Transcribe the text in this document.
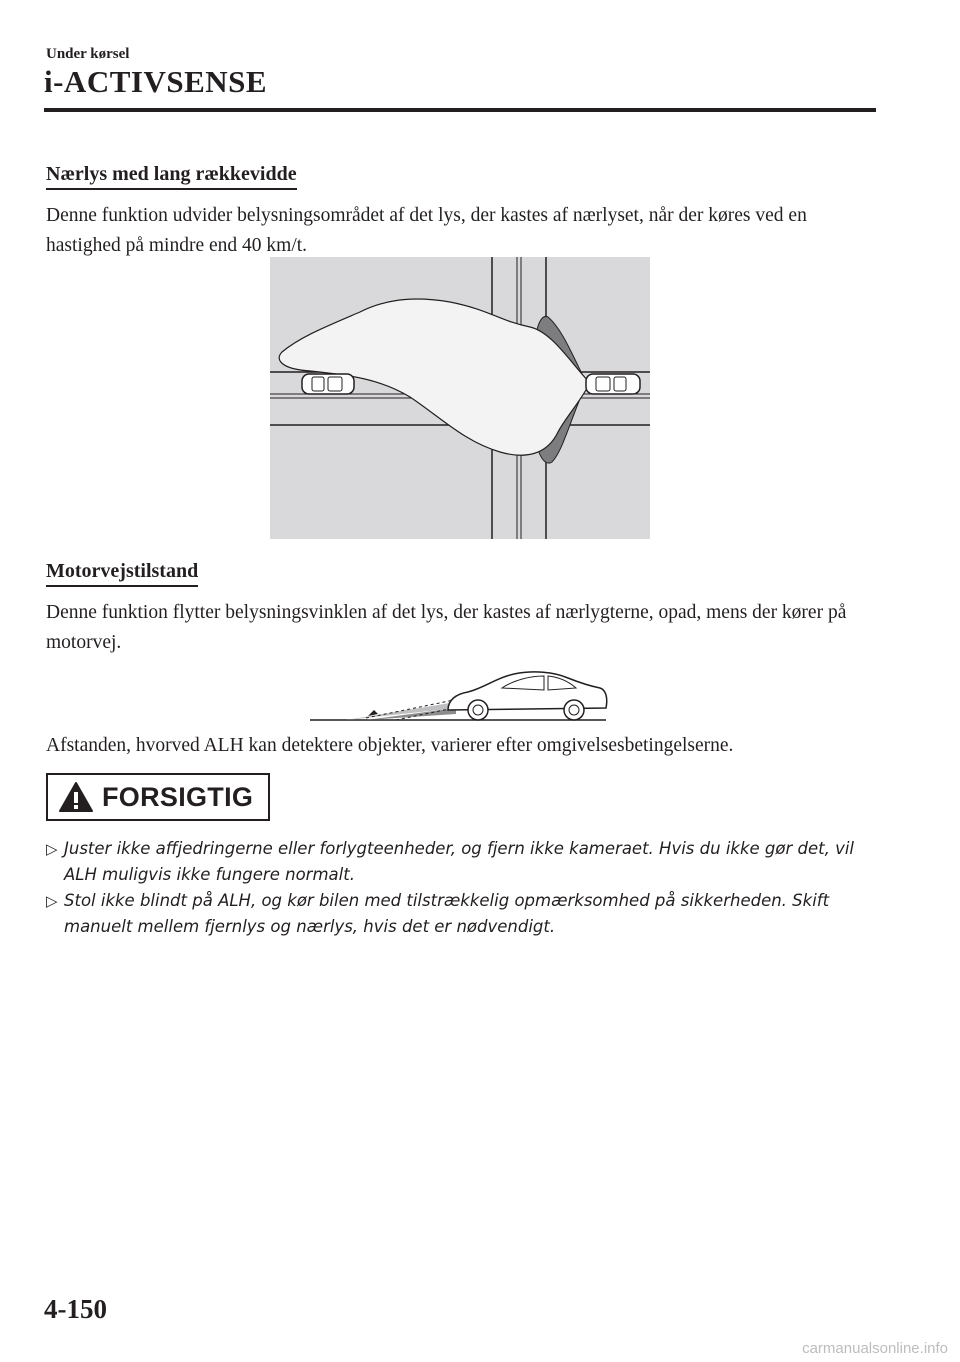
Under kørsel
i-ACTIVSENSE
Nærlys med lang rækkevidde
Denne funktion udvider belysningsområdet af det lys, der kastes af nærlyset, når der køres ved en hastighed på mindre end 40 km/t.
Motorvejstilstand
Denne funktion flytter belysningsvinklen af det lys, der kastes af nærlygterne, opad, mens der kører på motorvej.
Afstanden, hvorved ALH kan detektere objekter, varierer efter omgivelsesbetingelserne.
FORSIGTIG
▷ Juster ikke affjedringerne eller forlygteenheder, og fjern ikke kameraet. Hvis du ikke gør det, vil ALH muligvis ikke fungere normalt.
▷ Stol ikke blindt på ALH, og kør bilen med tilstrækkelig opmærksomhed på sikkerheden. Skift manuelt mellem fjernlys og nærlys, hvis det er nødvendigt.
4-150
carmanualsonline.info
